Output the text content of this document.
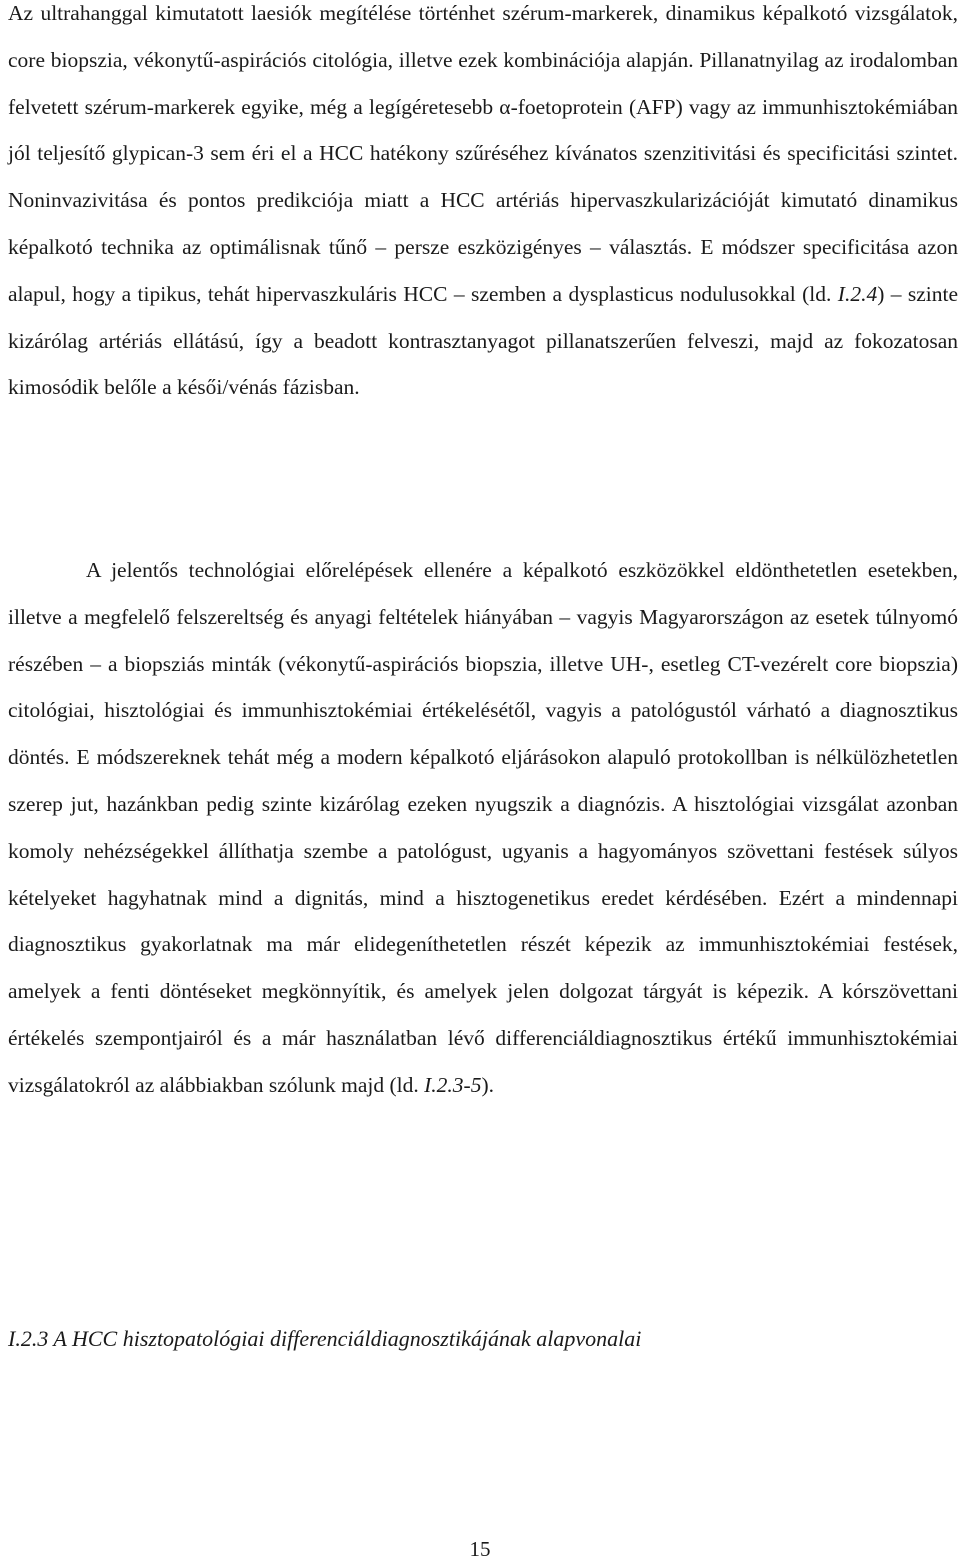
Az ultrahanggal kimutatott laesiók megítélése történhet szérum-markerek, dinamikus képalkotó vizsgálatok, core biopszia, vékonytű-aspirációs citológia, illetve ezek kombinációja alapján. Pillanatnyilag az irodalomban felvetett szérum-markerek egyike, még a legígéretesebb α-foetoprotein (AFP) vagy az immunhisztokémiában jól teljesítő glypican-3 sem éri el a HCC hatékony szűréséhez kívánatos szenzitivitási és specificitási szintet. Noninvazivitása és pontos predikciója miatt a HCC artériás hipervaszkularizációját kimutató dinamikus képalkotó technika az optimálisnak tűnő – persze eszközigényes – választás. E módszer specificitása azon alapul, hogy a tipikus, tehát hipervaszkuláris HCC – szemben a dysplasticus nodulusokkal (ld. I.2.4) – szinte kizárólag artériás ellátású, így a beadott kontrasztanyagot pillanatszerűen felveszi, majd az fokozatosan kimosódik belőle a késői/vénás fázisban.

A jelentős technológiai előrelépések ellenére a képalkotó eszközökkel eldönthetetlen esetekben, illetve a megfelelő felszereltség és anyagi feltételek hiányában – vagyis Magyarországon az esetek túlnyomó részében – a biopsziás minták (vékonytű-aspirációs biopszia, illetve UH-, esetleg CT-vezérelt core biopszia) citológiai, hisztológiai és immunhisztokémiai értékelésétől, vagyis a patológustól várható a diagnosztikus döntés. E módszereknek tehát még a modern képalkotó eljárásokon alapuló protokollban is nélkülözhetetlen szerep jut, hazánkban pedig szinte kizárólag ezeken nyugszik a diagnózis. A hisztológiai vizsgálat azonban komoly nehézségekkel állíthatja szembe a patológust, ugyanis a hagyományos szövettani festések súlyos kételyeket hagyhatnak mind a dignitás, mind a hisztogenetikus eredet kérdésében. Ezért a mindennapi diagnosztikus gyakorlatnak ma már elidegeníthetetlen részét képezik az immunhisztokémiai festések, amelyek a fenti döntéseket megkönnyítik, és amelyek jelen dolgozat tárgyát is képezik. A kórszövettani értékelés szempontjairól és a már használatban lévő differenciáldiagnosztikus értékű immunhisztokémiai vizsgálatokról az alábbiakban szólunk majd (ld. I.2.3-5).

I.2.3 A HCC hisztopatológiai differenciáldiagnosztikájának alapvonalai

15
